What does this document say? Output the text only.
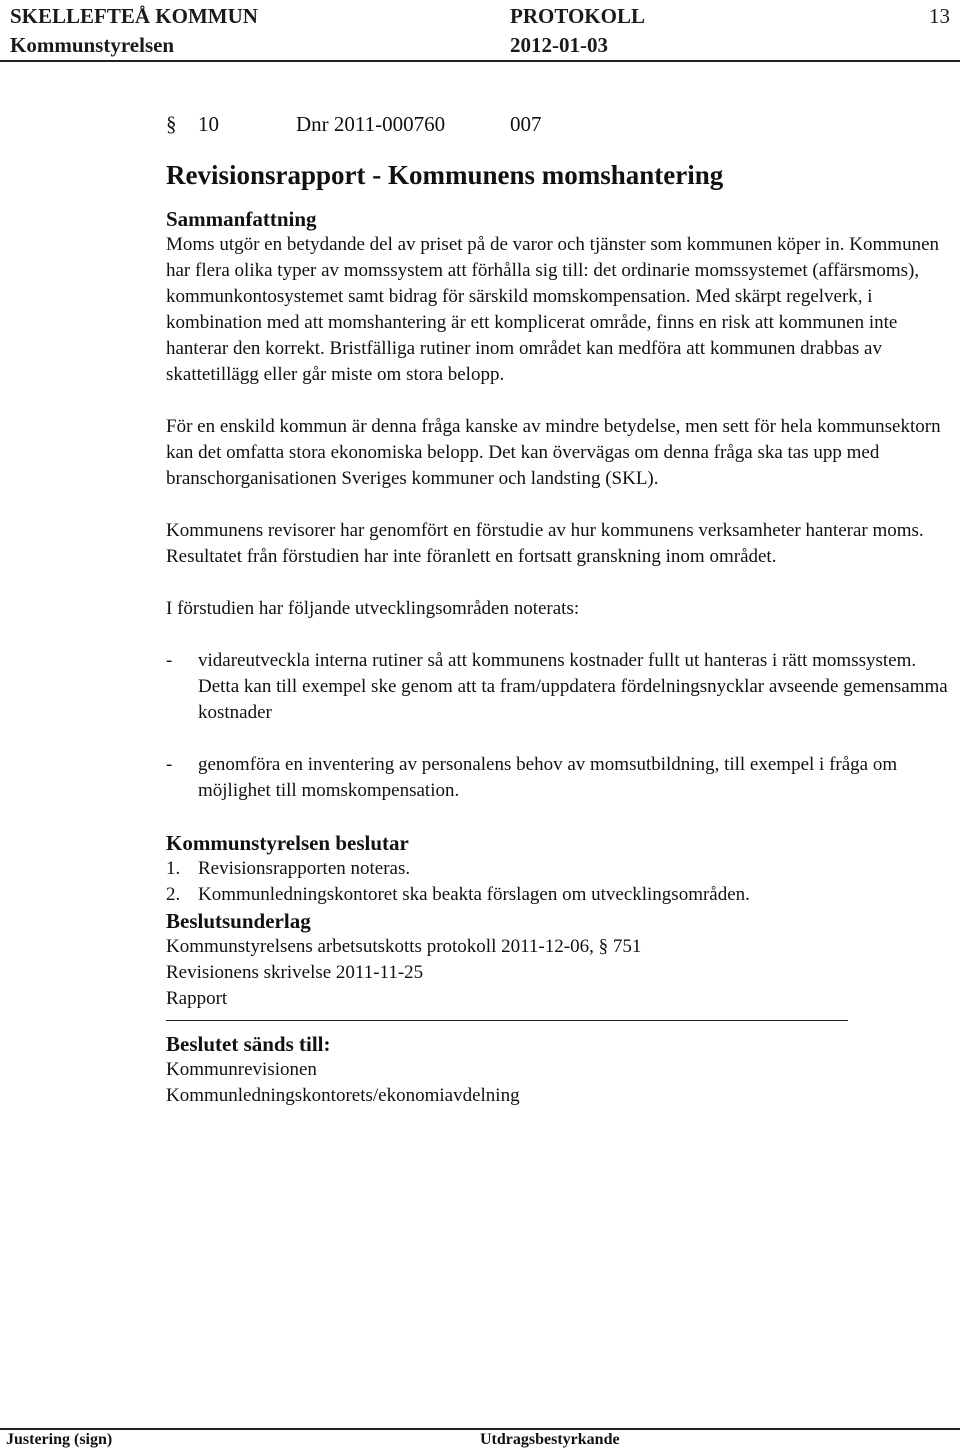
SKELLEFTEÅ KOMMUN	PROTOKOLL	13
Kommunstyrelsen	2012-01-03
§ 10	Dnr 2011-000760	007
Revisionsrapport - Kommunens momshantering
Sammanfattning

Moms utgör en betydande del av priset på de varor och tjänster som kommunen köper in. Kommunen har flera olika typer av momssystem att förhålla sig till: det ordinarie momssystemet (affärsmoms), kommunkontosystemet samt bidrag för särskild momskompensation. Med skärpt regelverk, i kombination med att momshantering är ett komplicerat område, finns en risk att kommunen inte hanterar den korrekt. Bristfälliga rutiner inom området kan medföra att kommunen drabbas av skattetillägg eller går miste om stora belopp.

För en enskild kommun är denna fråga kanske av mindre betydelse, men sett för hela kommunsektorn kan det omfatta stora ekonomiska belopp. Det kan övervägas om denna fråga ska tas upp med branschorganisationen Sveriges kommuner och landsting (SKL).

Kommunens revisorer har genomfört en förstudie av hur kommunens verksamheter hanterar moms. Resultatet från förstudien har inte föranlett en fortsatt granskning inom området.

I förstudien har följande utvecklingsområden noterats:

- vidareutveckla interna rutiner så att kommunens kostnader fullt ut hanteras i rätt momssystem. Detta kan till exempel ske genom att ta fram/uppdatera fördelningsnycklar avseende gemensamma kostnader
- genomföra en inventering av personalens behov av momsutbildning, till exempel i fråga om möjlighet till momskompensation.
Kommunstyrelsen beslutar

1. Revisionsrapporten noteras.

2. Kommunledningskontoret ska beakta förslagen om utvecklingsområden.

Beslutsunderlag

Kommunstyrelsens arbetsutskotts protokoll 2011-12-06, § 751

Revisionens skrivelse 2011-11-25

Rapport

Beslutet sänds till:

Kommunrevisionen

Kommunledningskontorets/ekonomiavdelning

Justering (sign)	Utdragsbestyrkande
